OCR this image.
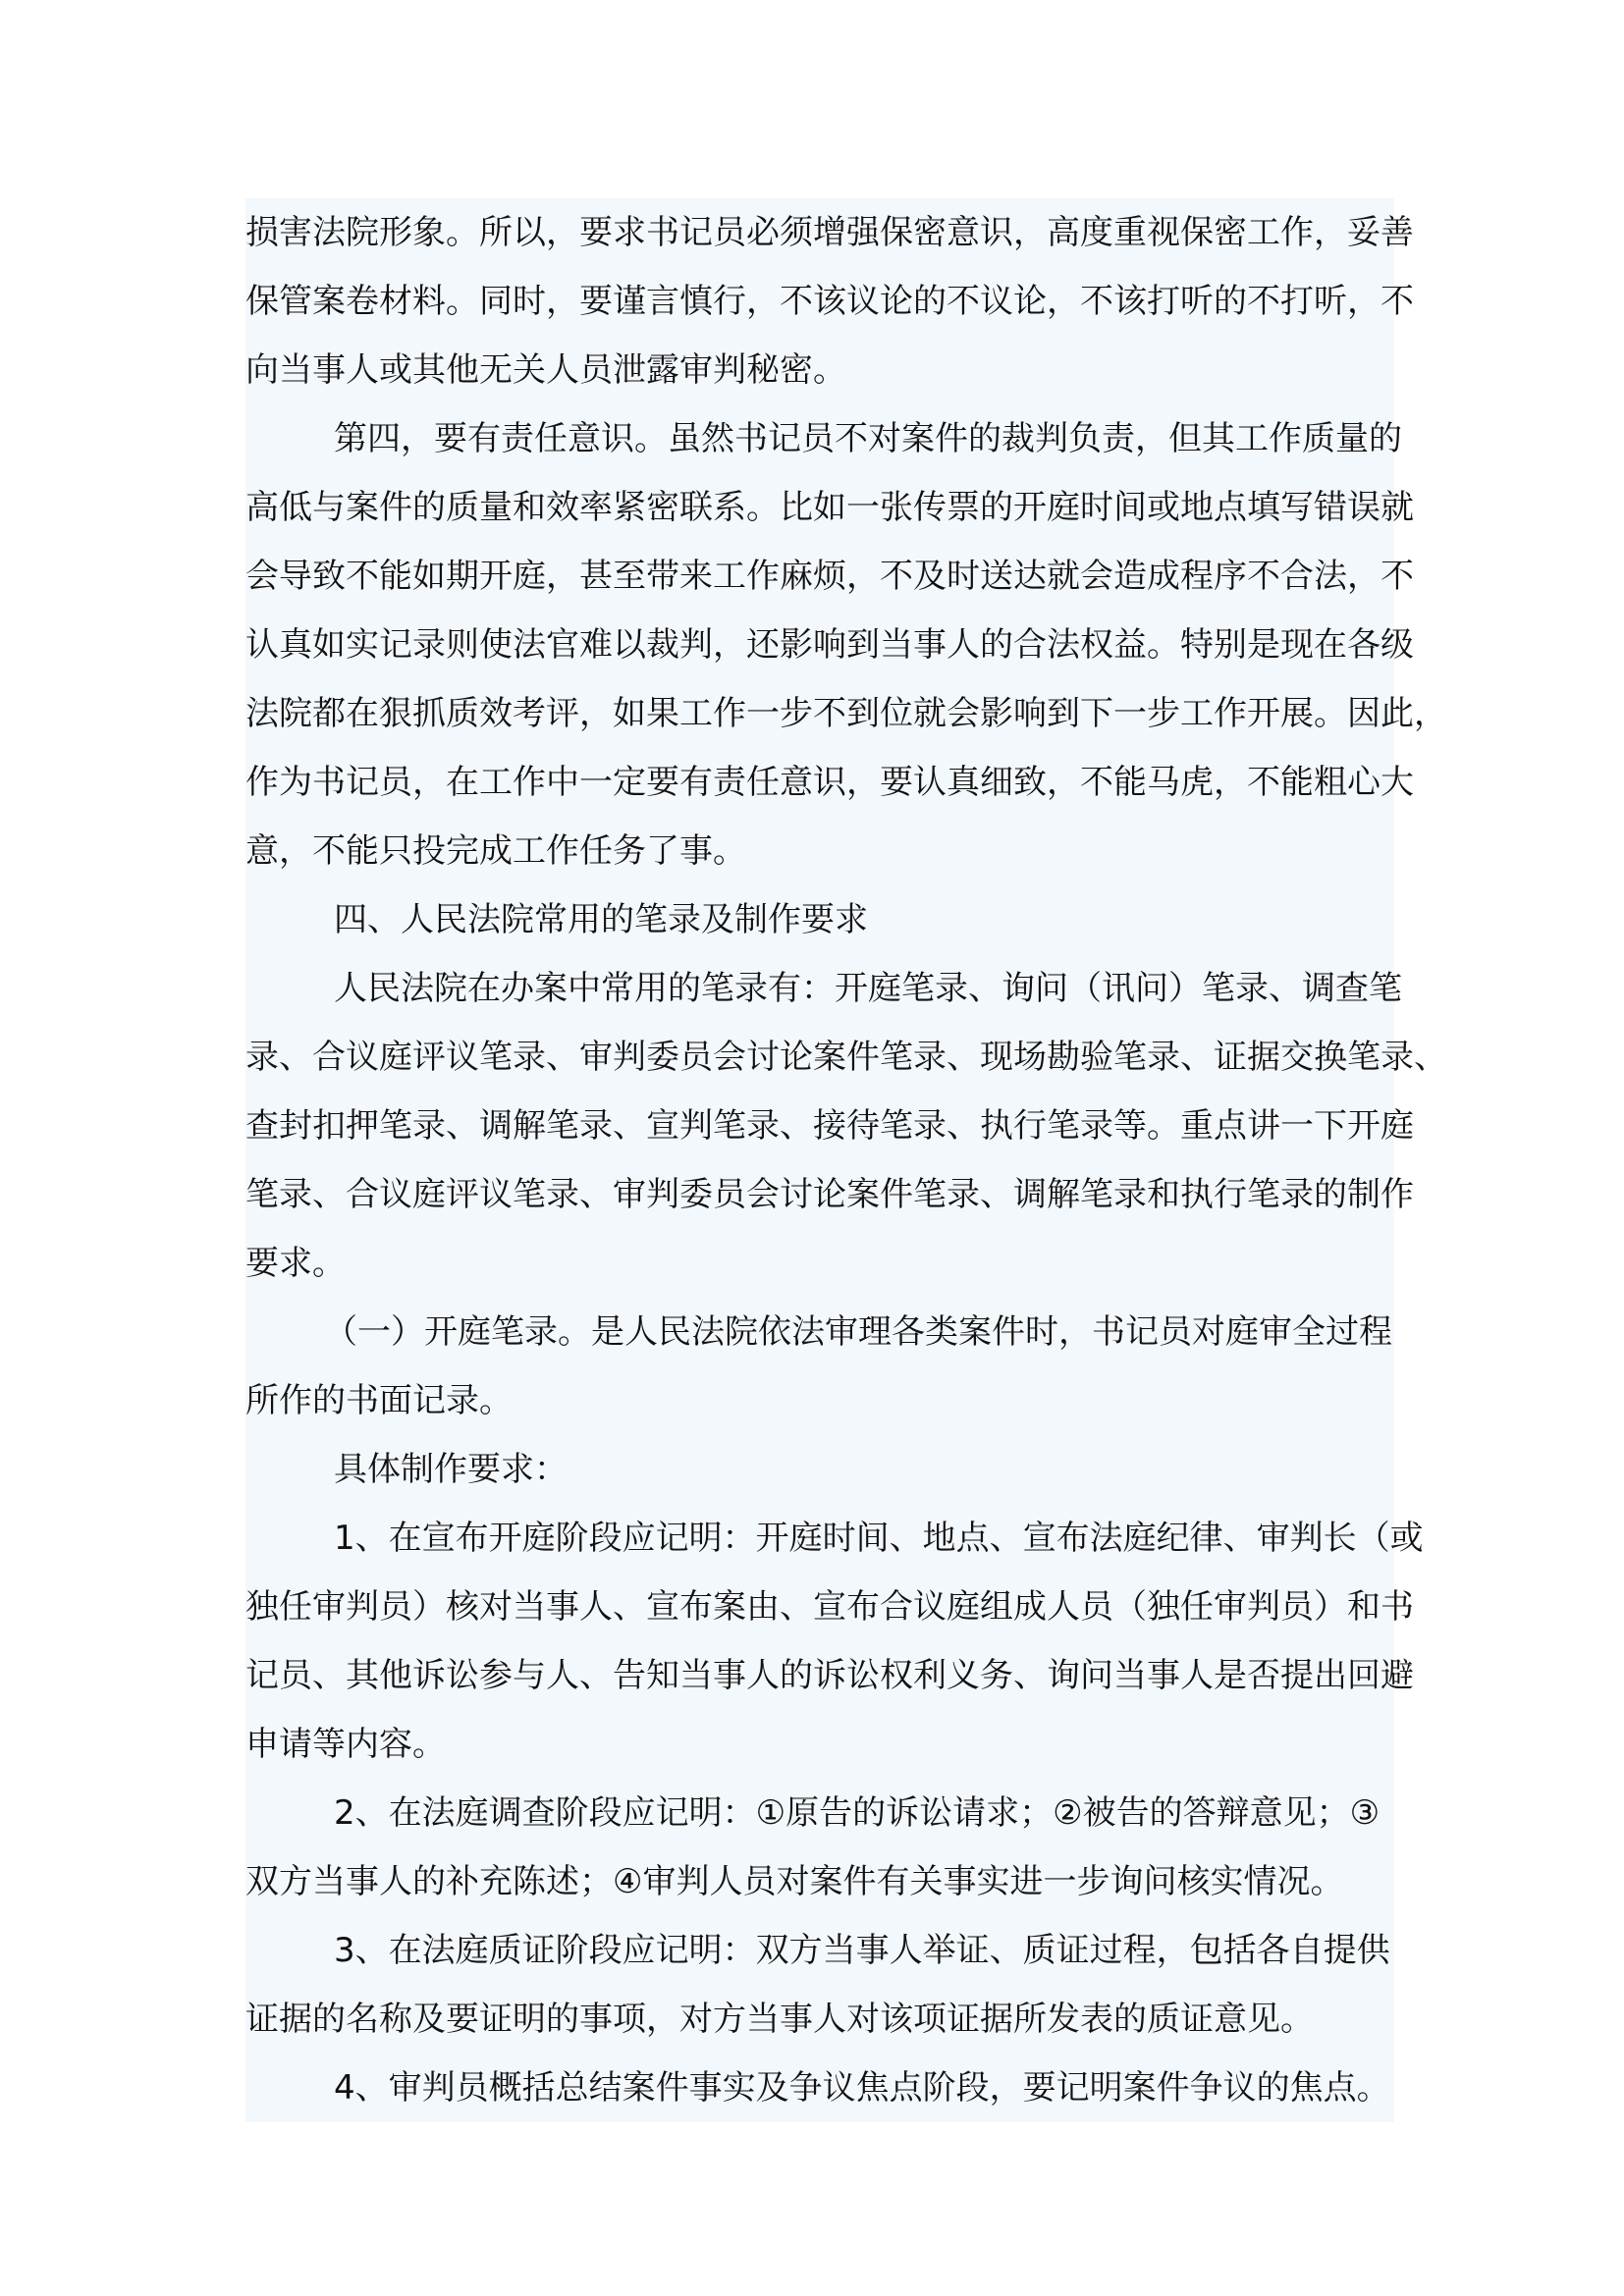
损害法院形象。所以，要求书记员必须增强保密意识，高度重视保密工作，妥善
保管案卷材料。同时，要谨言慎行，不该议论的不议论，不该打听的不打听，不
向当事人或其他无关人员泄露审判秘密。
第四，要有责任意识。虽然书记员不对案件的裁判负责，但其工作质量的
高低与案件的质量和效率紧密联系。比如一张传票的开庭时间或地点填写错误就
会导致不能如期开庭，甚至带来工作麻烦，不及时送达就会造成程序不合法，不
认真如实记录则使法官难以裁判，还影响到当事人的合法权益。特别是现在各级
法院都在狠抓质效考评，如果工作一步不到位就会影响到下一步工作开展。因此，
作为书记员，在工作中一定要有责任意识，要认真细致，不能马虎，不能粗心大
意，不能只投完成工作任务了事。
四、人民法院常用的笔录及制作要求
人民法院在办案中常用的笔录有：开庭笔录、询问（讯问）笔录、调查笔
录、合议庭评议笔录、审判委员会讨论案件笔录、现场勘验笔录、证据交换笔录、
查封扣押笔录、调解笔录、宣判笔录、接待笔录、执行笔录等。重点讲一下开庭
笔录、合议庭评议笔录、审判委员会讨论案件笔录、调解笔录和执行笔录的制作
要求。
（一）开庭笔录。是人民法院依法审理各类案件时，书记员对庭审全过程
所作的书面记录。
具体制作要求：
1、在宣布开庭阶段应记明：开庭时间、地点、宣布法庭纪律、审判长（或
独任审判员）核对当事人、宣布案由、宣布合议庭组成人员（独任审判员）和书
记员、其他诉讼参与人、告知当事人的诉讼权利义务、询问当事人是否提出回避
申请等内容。
2、在法庭调查阶段应记明：①原告的诉讼请求；②被告的答辩意见；③
双方当事人的补充陈述；④审判人员对案件有关事实进一步询问核实情况。
3、在法庭质证阶段应记明：双方当事人举证、质证过程，包括各自提供
证据的名称及要证明的事项，对方当事人对该项证据所发表的质证意见。
4、审判员概括总结案件事实及争议焦点阶段，要记明案件争议的焦点。
